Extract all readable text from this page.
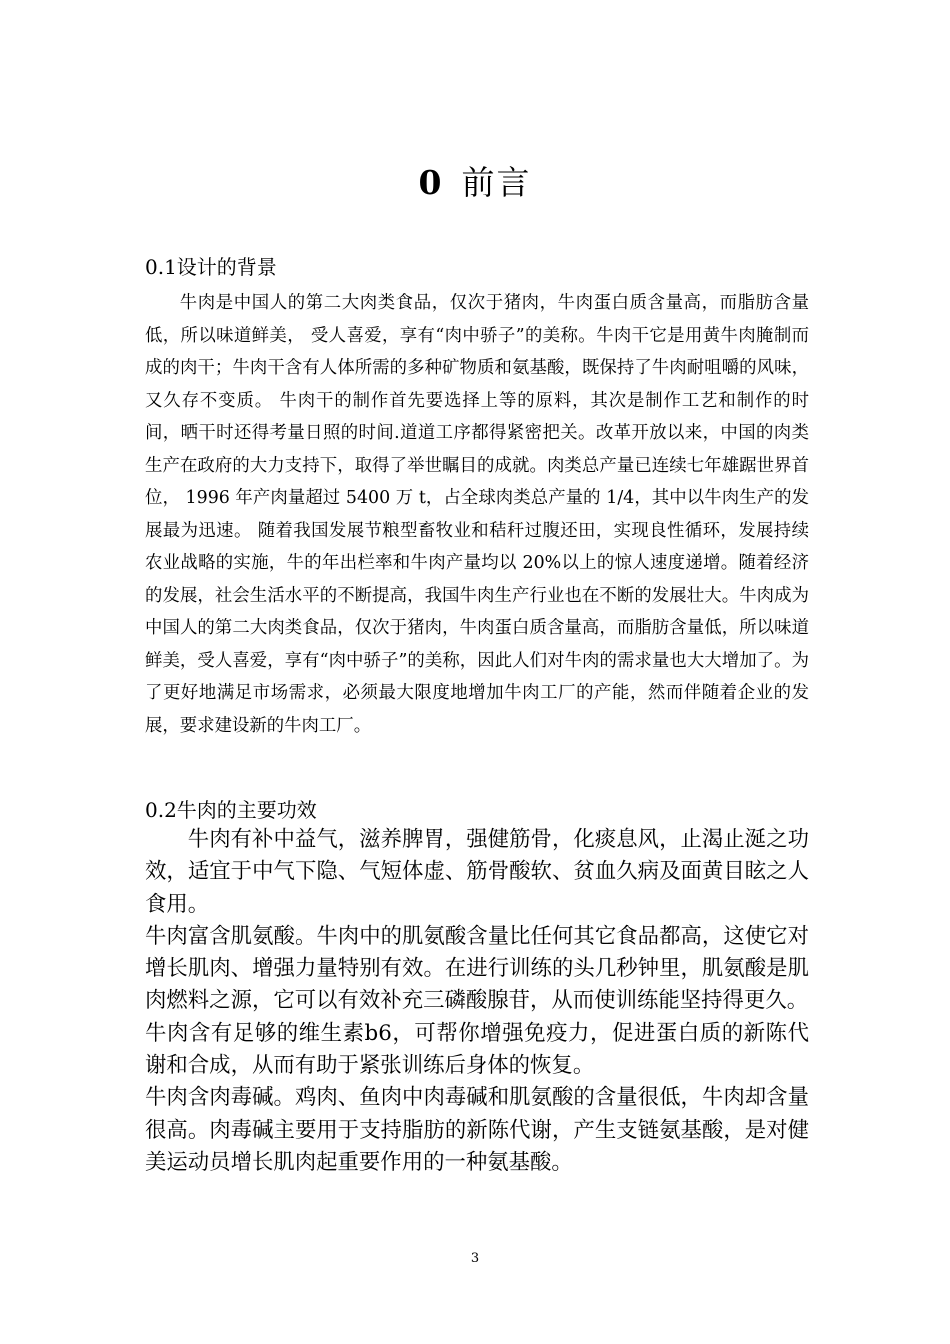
0 前言
0.1设计的背景

牛肉是中国人的第二大肉类食品，仅次于猪肉，牛肉蛋白质含量高，而脂肪含量低，所以味道鲜美， 受人喜爱，享有“肉中骄子”的美称。牛肉干它是用黄牛肉腌制而成的肉干；牛肉干含有人体所需的多种矿物质和氨基酸，既保持了牛肉耐咀嚼的风味，又久存不变质。 牛肉干的制作首先要选择上等的原料，其次是制作工艺和制作的时间，晒干时还得考量日照的时间.道道工序都得紧密把关。改革开放以来，中国的肉类生产在政府的大力支持下，取得了举世瞩目的成就。肉类总产量已连续七年雄踞世界首位， 1996 年产肉量超过 5400 万 t，占全球肉类总产量的 1/4，其中以牛肉生产的发展最为迅速。 随着我国发展节粮型畜牧业和秸秆过腹还田，实现良性循环，发展持续农业战略的实施，牛的年出栏率和牛肉产量均以 20%以上的惊人速度递增。随着经济的发展，社会生活水平的不断提高，我国牛肉生产行业也在不断的发展壮大。牛肉成为中国人的第二大肉类食品，仅次于猪肉，牛肉蛋白质含量高，而脂肪含量低，所以味道鲜美，受人喜爱，享有“肉中骄子”的美称，因此人们对牛肉的需求量也大大增加了。为了更好地满足市场需求，必须最大限度地增加牛肉工厂的产能，然而伴随着企业的发展，要求建设新的牛肉工厂。

0.2牛肉的主要功效

牛肉有补中益气，滋养脾胃，强健筋骨，化痰息风，止渴止涎之功效，适宜于中气下隐、气短体虚、筋骨酸软、贫血久病及面黄目眩之人食用。

牛肉富含肌氨酸。牛肉中的肌氨酸含量比任何其它食品都高，这使它对增长肌肉、增强力量特别有效。在进行训练的头几秒钟里，肌氨酸是肌肉燃料之源，它可以有效补充三磷酸腺苷，从而使训练能坚持得更久。

牛肉含有足够的维生素b6，可帮你增强免疫力，促进蛋白质的新陈代谢和合成，从而有助于紧张训练后身体的恢复。

牛肉含肉毒碱。鸡肉、鱼肉中肉毒碱和肌氨酸的含量很低，牛肉却含量很高。肉毒碱主要用于支持脂肪的新陈代谢，产生支链氨基酸，是对健美运动员增长肌肉起重要作用的一种氨基酸。

3
